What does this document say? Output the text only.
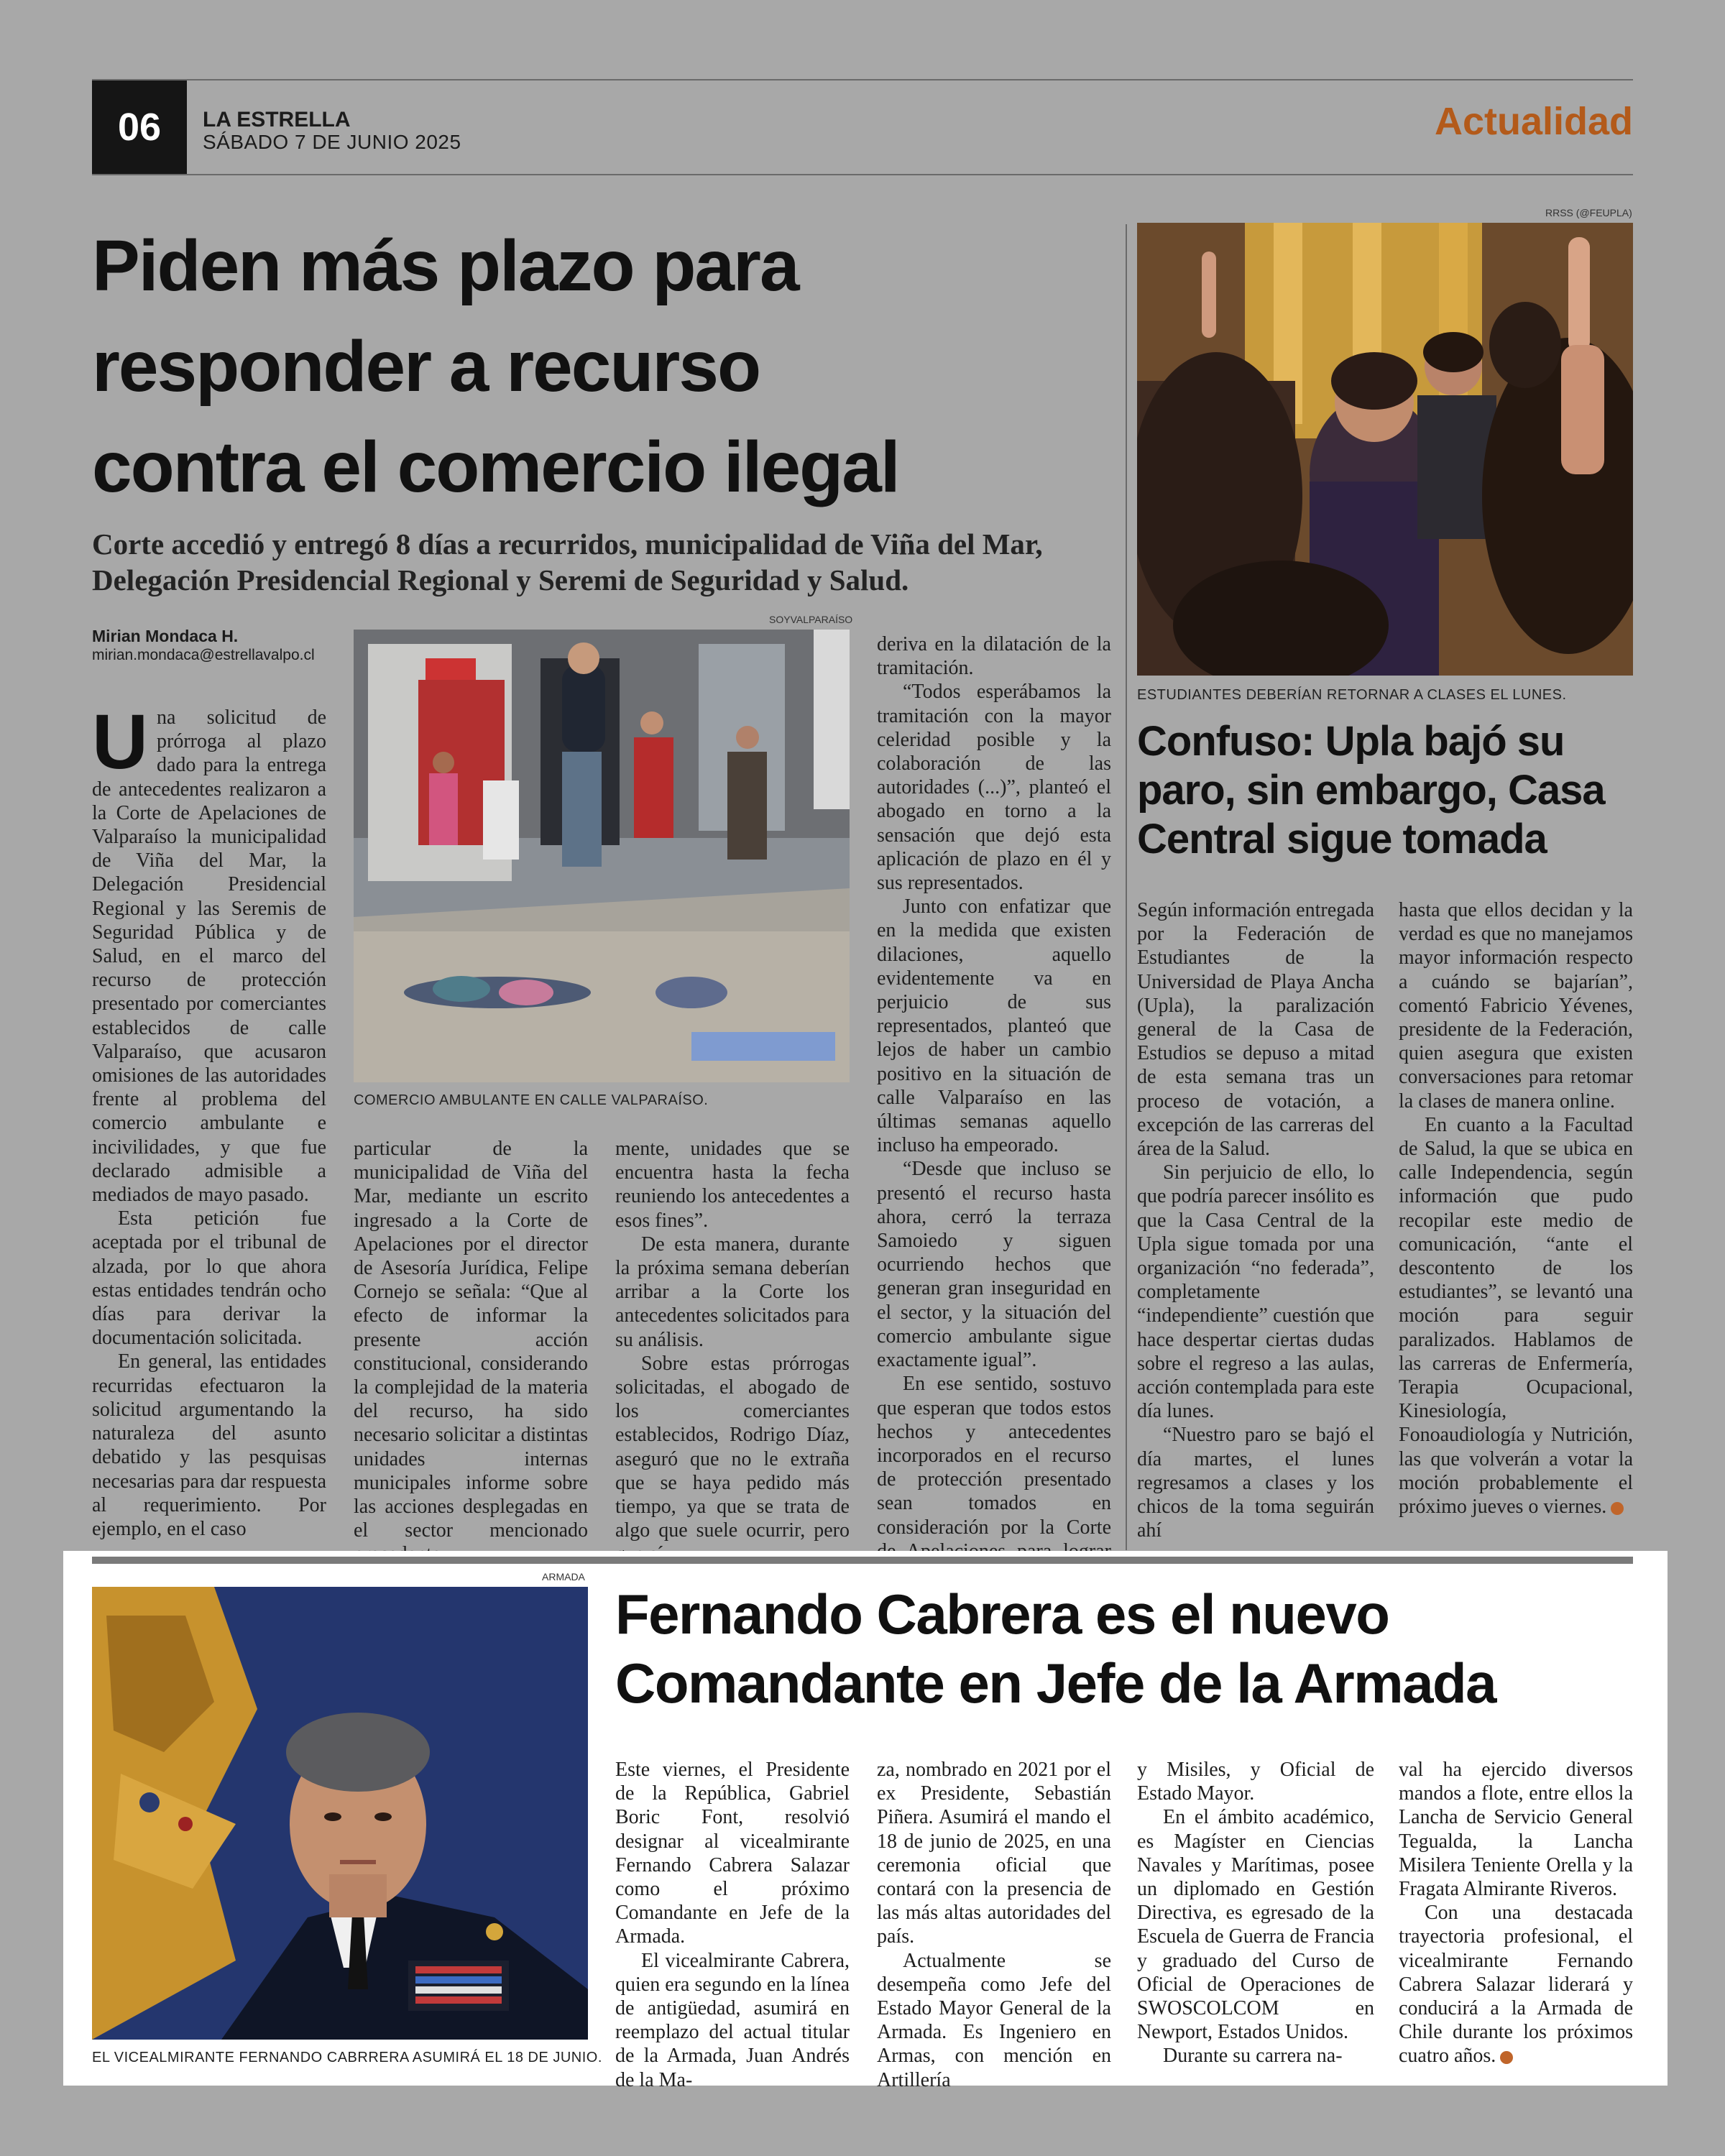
06	LA ESTRELLA
SÁBADO 7 DE JUNIO 2025	Actualidad
Piden más plazo para
responder a recurso
contra el comercio ilegal
Corte accedió y entregó 8 días a recurridos, municipalidad de Viña del Mar, Delegación Presidencial Regional y Seremi de Seguridad y Salud.
Mirian Mondaca H.
mirian.mondaca@estrellavalpo.cl
SOYVALPARAÍSO
COMERCIO AMBULANTE EN CALLE VALPARAÍSO.
U na solicitud de prórroga al plazo dado para la entrega de antecedentes realizaron a la Corte de Apelaciones de Valparaíso la municipalidad de Viña del Mar, la Delegación Presidencial Regional y las Seremis de Seguridad Pública y de Salud, en el marco del recurso de protección presentado por comerciantes establecidos de calle Valparaíso, que acusaron omisiones de las autoridades frente al problema del comercio ambulante e incivilidades, y que fue declarado admisible a mediados de mayo pasado.

Esta petición fue aceptada por el tribunal de alzada, por lo que ahora estas entidades tendrán ocho días para derivar la documentación solicitada.

En general, las entidades recurridas efectuaron la solicitud argumentando la naturaleza del asunto debatido y las pesquisas necesarias para dar respuesta al requerimiento. Por ejemplo, en el caso

particular de la municipalidad de Viña del Mar, mediante un escrito ingresado a la Corte de Apelaciones por el director de Asesoría Jurídica, Felipe Cornejo se señala: “Que al efecto de informar la presente acción constitucional, considerando la complejidad de la materia del recurso, ha sido necesario solicitar a distintas unidades internas municipales informe sobre las acciones desplegadas en el sector mencionado

mente, unidades que se encuentra hasta la fecha reuniendo los antecedentes a esos fines”.

De esta manera, durante la próxima semana deberían arribar a la Corte los antecedentes solicitados para su análisis.

Sobre estas prórrogas solicitadas, el abogado de los comerciantes establecidos, Rodrigo Díaz, aseguró que no le extraña que se haya pedido más tiempo, ya que se trata de algo que suele ocurrir, pero

deriva en la dilatación de la tramitación.

“Todos esperábamos la tramitación con la mayor celeridad posible y la colaboración de las autoridades (...)”, planteó el abogado en torno a la sensación que dejó esta aplicación de plazo en él y sus representados.

Junto con enfatizar que en la medida que existen dilaciones, aquello evidentemente va en perjuicio de sus representados, planteó que lejos de haber un cambio positivo en la situación de calle Valparaíso en las últimas semanas aquello incluso ha empeorado.

“Desde que incluso se presentó el recurso hasta ahora, cerró la terraza Samoiedo y siguen ocurriendo hechos que generan gran inseguridad en el sector, y la situación del comercio ambulante sigue exactamente igual”.

En ese sentido, sostuvo que esperan que todos estos hechos y antecedentes incorporados en el recurso de protección presentado sean tomados en consideración por la Corte

RRSS (@FEUPLA)
ESTUDIANTES DEBERÍAN RETORNAR A CLASES EL LUNES.
Confuso: Upla bajó su
paro, sin embargo, Casa
Central sigue tomada

Según información entregada por la Federación de Estudiantes de la Universidad de Playa Ancha (Upla), la paralización general de la Casa de Estudios se depuso a mitad de esta semana tras un proceso de votación, a excepción de las carreras del área de la Salud.

Sin perjuicio de ello, lo que podría parecer insólito es que la Casa Central de la Upla sigue tomada por una organización “no federada”, completamente “independiente” cuestión que hace despertar ciertas dudas sobre el regreso a las aulas, acción contemplada para este día lunes.

“Nuestro paro se bajó el día martes, el lunes regresamos a clases y los chicos de la toma seguirán ahí

hasta que ellos decidan y la verdad es que no manejamos mayor información respecto a cuándo se bajarían”, comentó Fabricio Yévenes, presidente de la Federación, quien asegura que existen conversaciones para retomar la clases de manera online.

En cuanto a la Facultad de Salud, la que se ubica en calle Independencia, según información que pudo recopilar este medio de comunicación, “ante el descontento de los estudiantes”, se levantó una moción para seguir paralizados. Hablamos de las carreras de Enfermería, Terapia Ocupacional, Kinesiología, Fonoaudiología y Nutrición, las que volverán a votar la moción probablemente el próximo jueves o viernes.

ARMADA
EL VICEALMIRANTE FERNANDO CABRRERA ASUMIRÁ EL 18 DE JUNIO.
Fernando Cabrera es el nuevo
Comandante en Jefe de la Armada

Este viernes, el Presidente de la República, Gabriel Boric Font, resolvió designar al vicealmirante Fernando Cabrera Salazar como el próximo Comandante en Jefe de la Armada.

El vicealmirante Cabrera, quien era segundo en la línea de antigüedad, asumirá en reemplazo del actual titular de la Armada, Juan Andrés de la Ma-

za, nombrado en 2021 por el ex Presidente, Sebastián Piñera. Asumirá el mando el 18 de junio de 2025, en una ceremonia oficial que contará con la presencia de las más altas autoridades del país.

Actualmente se desempeña como Jefe del Estado Mayor General de la Armada. Es Ingeniero en Armas, con mención en Artillería

y Misiles, y Oficial de Estado Mayor.

En el ámbito académico, es Magíster en Ciencias Navales y Marítimas, posee un diplomado en Gestión Directiva, es egresado de la Escuela de Guerra de Francia y graduado del Curso de Oficial de Operaciones de SWOSCOLCOM en Newport, Estados Unidos.

Durante su carrera na-

val ha ejercido diversos mandos a flote, entre ellos la Lancha de Servicio General Tegualda, la Lancha Misilera Teniente Orella y la Fragata Almirante Riveros.

Con una destacada trayectoria profesional, el vicealmirante Fernando Cabrera Salazar liderará y conducirá a la Armada de Chile durante los próximos cuatro años.
